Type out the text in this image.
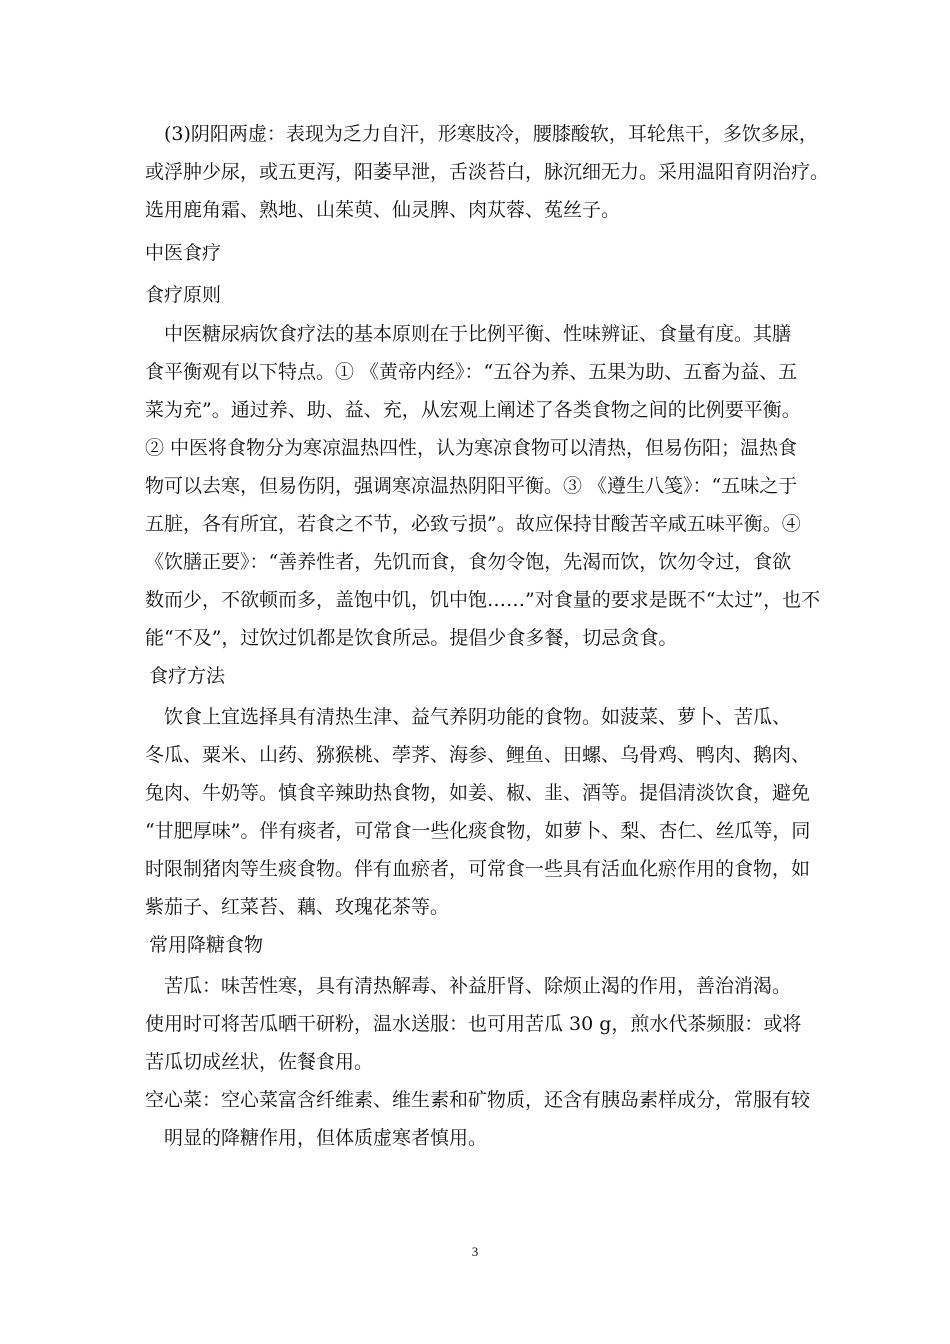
　(3)阴阳两虚：表现为乏力自汗，形寒肢冷，腰膝酸软，耳轮焦干，多饮多尿，
或浮肿少尿，或五更泻，阳萎早泄，舌淡苔白，脉沉细无力。采用温阳育阴治疗。
选用鹿角霜、熟地、山茱萸、仙灵脾、肉苁蓉、菟丝子。
中医食疗
食疗原则
　中医糖尿病饮食疗法的基本原则在于比例平衡、性味辨证、食量有度。其膳
食平衡观有以下特点。① 《黄帝内经》：“五谷为养、五果为助、五畜为益、五
菜为充”。通过养、助、益、充，从宏观上阐述了各类食物之间的比例要平衡。
② 中医将食物分为寒凉温热四性，认为寒凉食物可以清热，但易伤阳；温热食
物可以去寒，但易伤阴，强调寒凉温热阴阳平衡。③ 《遵生八笺》：“五味之于
五脏，各有所宜，若食之不节，必致亏损”。故应保持甘酸苦辛咸五味平衡。④
《饮膳正要》：“善养性者，先饥而食，食勿令饱，先渴而饮，饮勿令过，食欲
数而少，不欲顿而多，盖饱中饥，饥中饱……”对食量的要求是既不“太过”，也不
能“不及”，过饮过饥都是饮食所忌。提倡少食多餐，切忌贪食。
食疗方法
　饮食上宜选择具有清热生津、益气养阴功能的食物。如菠菜、萝卜、苦瓜、
冬瓜、粟米、山药、猕猴桃、荸荠、海参、鲤鱼、田螺、乌骨鸡、鸭肉、鹅肉、
兔肉、牛奶等。慎食辛辣助热食物，如姜、椒、韭、酒等。提倡清淡饮食，避免
“甘肥厚味”。伴有痰者，可常食一些化痰食物，如萝卜、梨、杏仁、丝瓜等，同
时限制猪肉等生痰食物。伴有血瘀者，可常食一些具有活血化瘀作用的食物，如
紫茄子、红菜苔、藕、玫瑰花茶等。
常用降糖食物
　苦瓜：味苦性寒，具有清热解毒、补益肝肾、除烦止渴的作用，善治消渴。
使用时可将苦瓜晒干研粉，温水送服：也可用苦瓜 30 g，煎水代茶频服：或将
苦瓜切成丝状，佐餐食用。
空心菜：空心菜富含纤维素、维生素和矿物质，还含有胰岛素样成分，常服有较
　明显的降糖作用，但体质虚寒者慎用。
3
